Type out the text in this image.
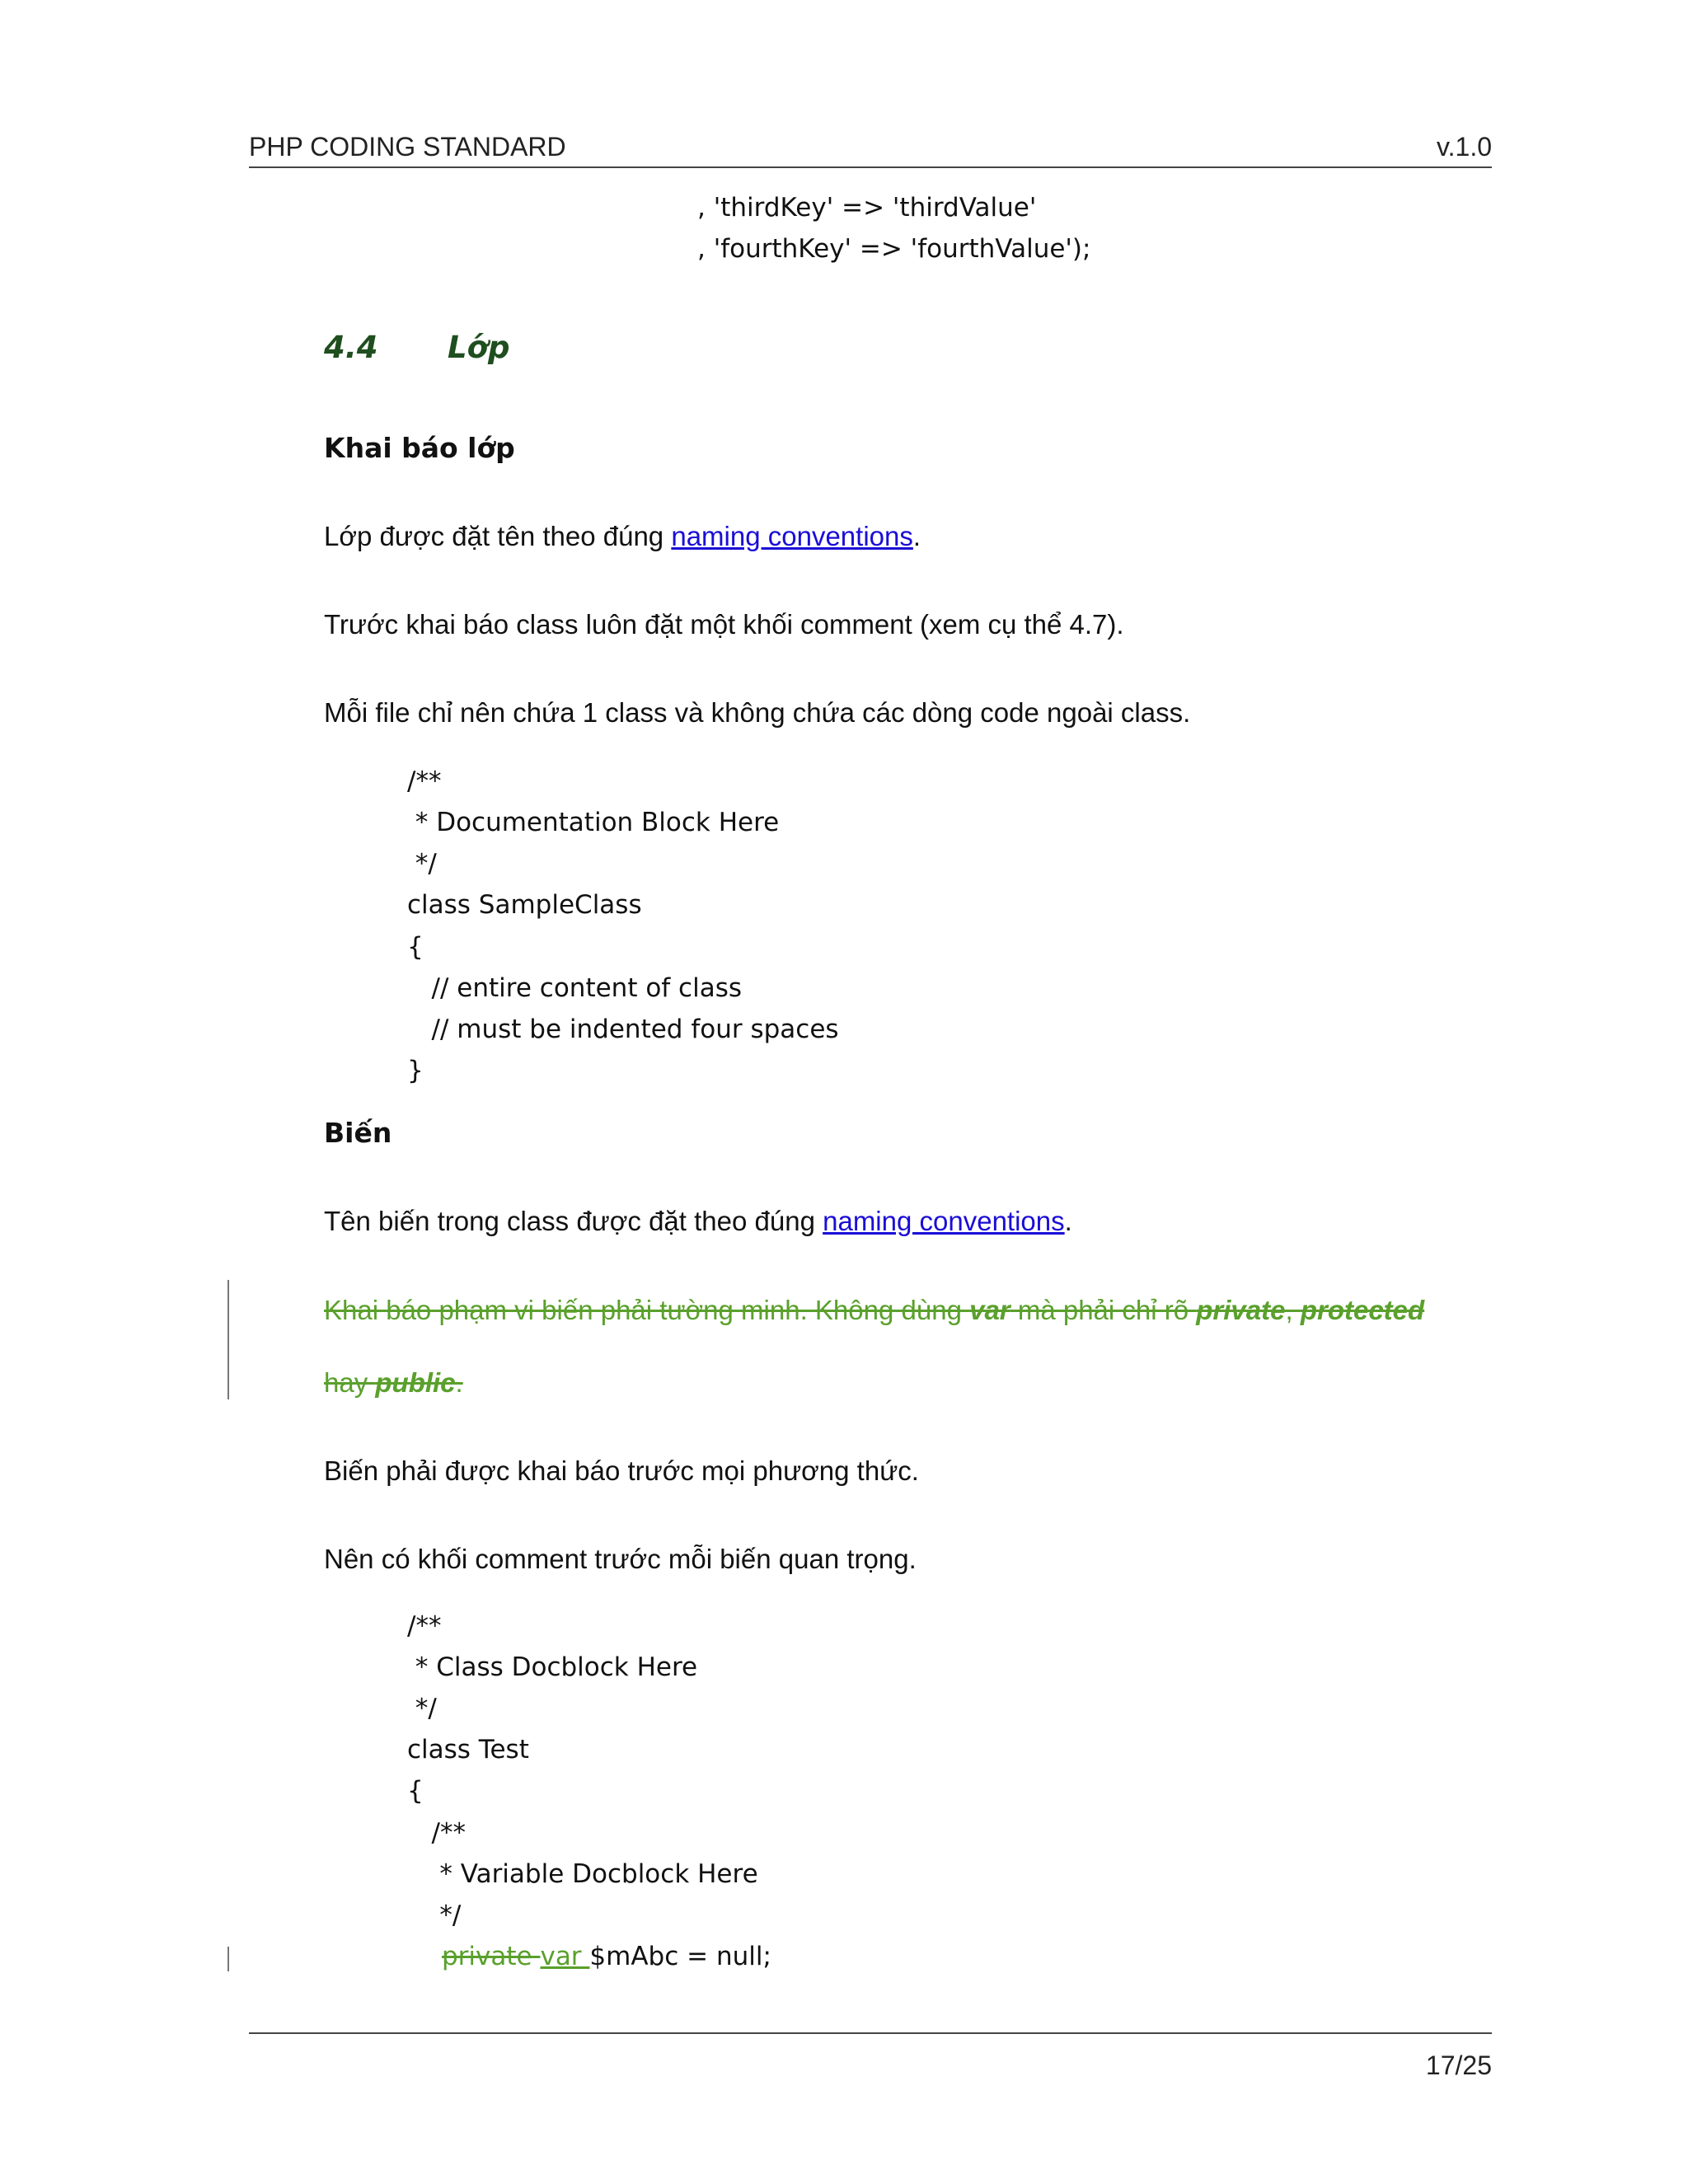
PHP CODING STANDARD	v.1.0
, 'thirdKey' => 'thirdValue'
, 'fourthKey' => 'fourthValue');
4.4 Lớp
Khai báo lớp
Lớp được đặt tên theo đúng naming conventions.
Trước khai báo class luôn đặt một khối comment (xem cụ thể 4.7).
Mỗi file chỉ nên chứa 1 class và không chứa các dòng code ngoài class.
/**
* Documentation Block Here
*/
class SampleClass
{
// entire content of class
// must be indented four spaces
}
Biến
Tên biến trong class được đặt theo đúng naming conventions.
Khai báo phạm vi biến phải tường minh. Không dùng var mà phải chỉ rõ private, protected
hay public.
Biến phải được khai báo trước mọi phương thức.
Nên có khối comment trước mỗi biến quan trọng.
/**
* Class Docblock Here
*/
class Test
{
/**
* Variable Docblock Here
*/
private var $mAbc = null;
17/25
